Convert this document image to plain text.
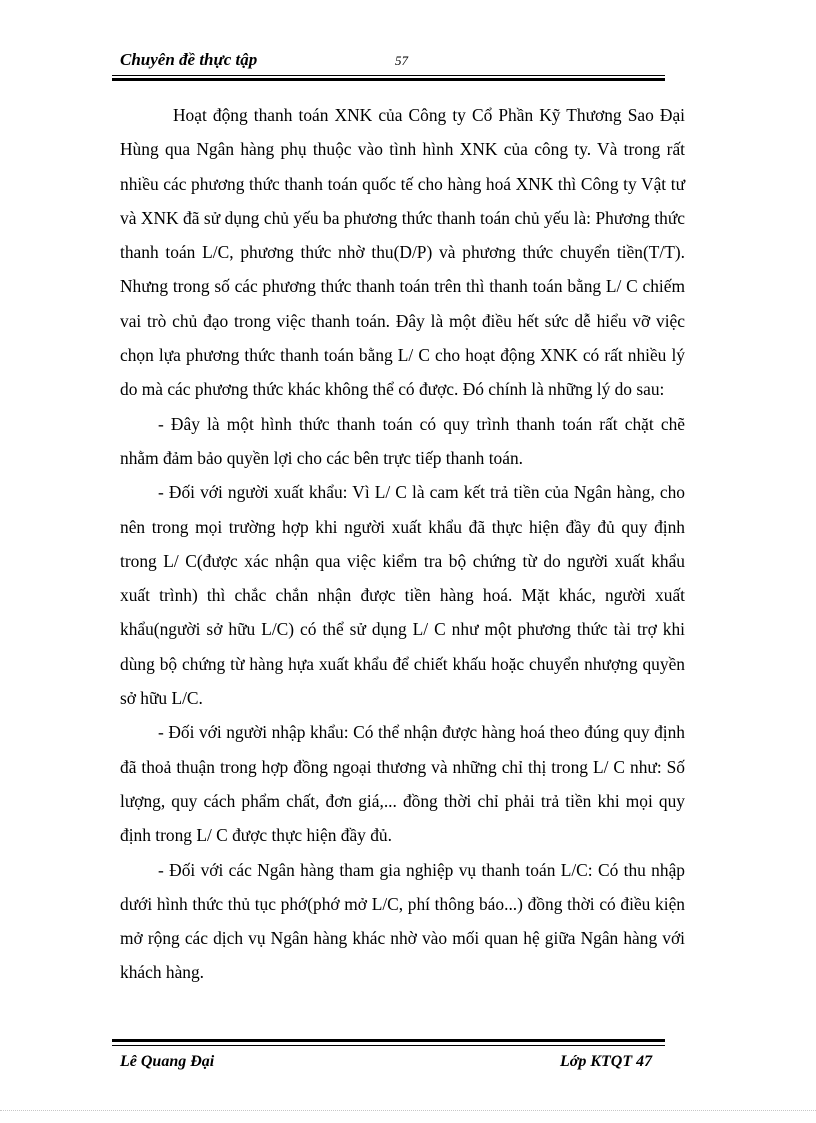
Chuyên đề thực tập	57

Hoạt động thanh toán XNK của Công ty Cổ Phần Kỹ Thương Sao Đại Hùng qua Ngân hàng phụ thuộc vào tình hình XNK của công ty. Và trong rất nhiều các phương thức thanh toán quốc tế cho hàng hoá XNK thì Công ty Vật tư và XNK đã sử dụng chủ yếu ba phương thức thanh toán chủ yếu là: Phương thức thanh toán L/C, phương thức nhờ thu(D/P) và phương thức chuyển tiền(T/T). Nhưng trong số các phương thức thanh toán trên thì thanh toán bằng L/ C chiếm vai trò chủ đạo trong việc thanh toán. Đây là một điều hết sức dễ hiểu vỡ việc chọn lựa phương thức thanh toán bằng L/ C cho hoạt động XNK có rất nhiều lý do mà các phương thức khác không thể có được. Đó chính là những lý do sau:

- Đây là một hình thức thanh toán có quy trình thanh toán rất chặt chẽ nhằm đảm bảo quyền lợi cho các bên trực tiếp thanh toán.

- Đối với người xuất khẩu: Vì L/ C là cam kết trả tiền của Ngân hàng, cho nên trong mọi trường hợp khi người xuất khẩu đã thực hiện đầy đủ quy định trong L/ C(được xác nhận qua việc kiểm tra bộ chứng từ do người xuất khẩu xuất trình) thì chắc chắn nhận được tiền hàng hoá. Mặt khác, người xuất khẩu(người sở hữu L/C) có thể sử dụng L/ C như một phương thức tài trợ khi dùng bộ chứng từ hàng hựa xuất khẩu để chiết khấu hoặc chuyển nhượng quyền sở hữu L/C.

- Đối với người nhập khẩu: Có thể nhận được hàng hoá theo đúng quy định đã thoả thuận trong hợp đồng ngoại thương và những chỉ thị trong L/ C như: Số lượng, quy cách phẩm chất, đơn giá,... đồng thời chỉ phải trả tiền khi mọi quy định trong L/ C được thực hiện đầy đủ.

- Đối với các Ngân hàng tham gia nghiệp vụ thanh toán L/C: Có thu nhập dưới hình thức thủ tục phớ(phớ mở L/C, phí thông báo...) đồng thời có điều kiện mở rộng các dịch vụ Ngân hàng khác nhờ vào mối quan hệ giữa Ngân hàng với khách hàng.

Lê Quang Đại	Lớp KTQT 47
